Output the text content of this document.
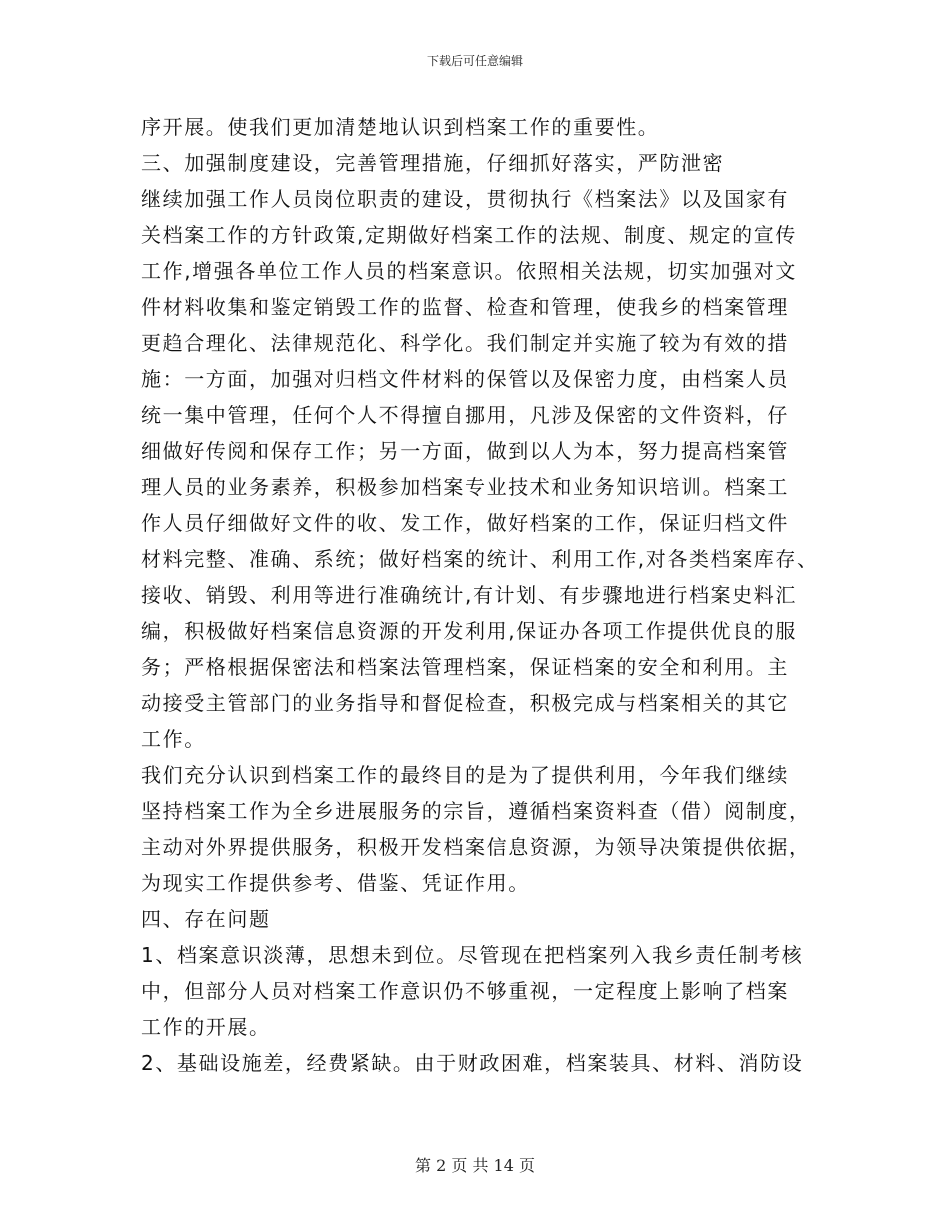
下载后可任意编辑
序开展。使我们更加清楚地认识到档案工作的重要性。
三、加强制度建设，完善管理措施，仔细抓好落实，严防泄密
继续加强工作人员岗位职责的建设，贯彻执行《档案法》以及国家有
关档案工作的方针政策,定期做好档案工作的法规、制度、规定的宣传
工作,增强各单位工作人员的档案意识。依照相关法规，切实加强对文
件材料收集和鉴定销毁工作的监督、检查和管理，使我乡的档案管理
更趋合理化、法律规范化、科学化。我们制定并实施了较为有效的措
施：一方面，加强对归档文件材料的保管以及保密力度，由档案人员
统一集中管理，任何个人不得擅自挪用，凡涉及保密的文件资料，仔
细做好传阅和保存工作；另一方面，做到以人为本，努力提高档案管
理人员的业务素养，积极参加档案专业技术和业务知识培训。档案工
作人员仔细做好文件的收、发工作，做好档案的工作，保证归档文件
材料完整、准确、系统；做好档案的统计、利用工作,对各类档案库存、
接收、销毁、利用等进行准确统计,有计划、有步骤地进行档案史料汇
编，积极做好档案信息资源的开发利用,保证办各项工作提供优良的服
务；严格根据保密法和档案法管理档案，保证档案的安全和利用。主
动接受主管部门的业务指导和督促检查，积极完成与档案相关的其它
工作。
我们充分认识到档案工作的最终目的是为了提供利用，今年我们继续
坚持档案工作为全乡进展服务的宗旨，遵循档案资料查（借）阅制度，
主动对外界提供服务，积极开发档案信息资源，为领导决策提供依据，
为现实工作提供参考、借鉴、凭证作用。
四、存在问题
1、档案意识淡薄，思想未到位。尽管现在把档案列入我乡责任制考核
中，但部分人员对档案工作意识仍不够重视，一定程度上影响了档案
工作的开展。
2、基础设施差，经费紧缺。由于财政困难，档案装具、材料、消防设
第 2 页 共 14 页
